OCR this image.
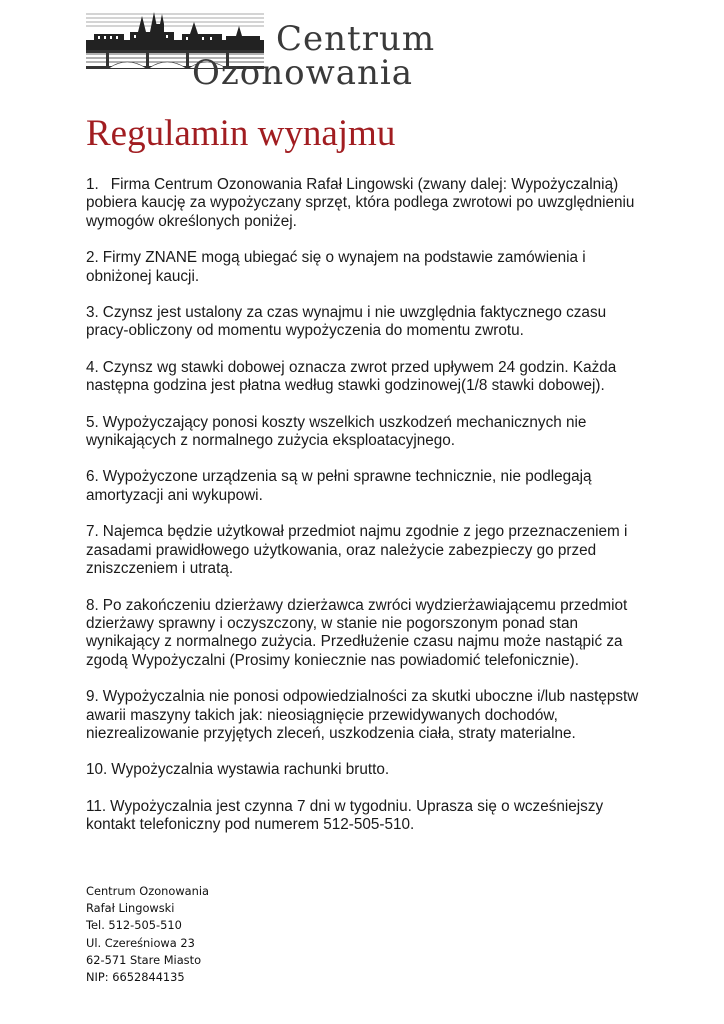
Centrum
Ozonowania
Regulamin wynajmu
1. Firma Centrum Ozonowania Rafał Lingowski (zwany dalej: Wypożyczalnią) pobiera kaucję za wypożyczany sprzęt, która podlega zwrotowi po uwzględnieniu wymogów określonych poniżej.
2. Firmy ZNANE mogą ubiegać się o wynajem na podstawie zamówienia i obniżonej kaucji.
3. Czynsz jest ustalony za czas wynajmu i nie uwzględnia faktycznego czasu pracy-obliczony od momentu wypożyczenia do momentu zwrotu.
4. Czynsz wg stawki dobowej oznacza zwrot przed upływem 24 godzin. Każda następna godzina jest płatna według stawki godzinowej(1/8 stawki dobowej).
5. Wypożyczający ponosi koszty wszelkich uszkodzeń mechanicznych nie wynikających z normalnego zużycia eksploatacyjnego.
6. Wypożyczone urządzenia są w pełni sprawne technicznie, nie podlegają amortyzacji ani wykupowi.
7. Najemca będzie użytkował przedmiot najmu zgodnie z jego przeznaczeniem i zasadami prawidłowego użytkowania, oraz należycie zabezpieczy go przed zniszczeniem i utratą.
8. Po zakończeniu dzierżawy dzierżawca zwróci wydzierżawiającemu przedmiot dzierżawy sprawny i oczyszczony, w stanie nie pogorszonym ponad stan wynikający z normalnego zużycia. Przedłużenie czasu najmu może nastąpić za zgodą Wypożyczalni (Prosimy koniecznie nas powiadomić telefonicznie).
9. Wypożyczalnia nie ponosi odpowiedzialności za skutki uboczne i/lub następstw awarii maszyny takich jak: nieosiągnięcie przewidywanych dochodów, niezrealizowanie przyjętych zleceń, uszkodzenia ciała, straty materialne.
10. Wypożyczalnia wystawia rachunki brutto.
11. Wypożyczalnia jest czynna 7 dni w tygodniu. Uprasza się o wcześniejszy kontakt telefoniczny pod numerem 512-505-510.
Centrum Ozonowania
Rafał Lingowski
Tel. 512-505-510
Ul. Czereśniowa 23
62-571 Stare Miasto
NIP: 6652844135
